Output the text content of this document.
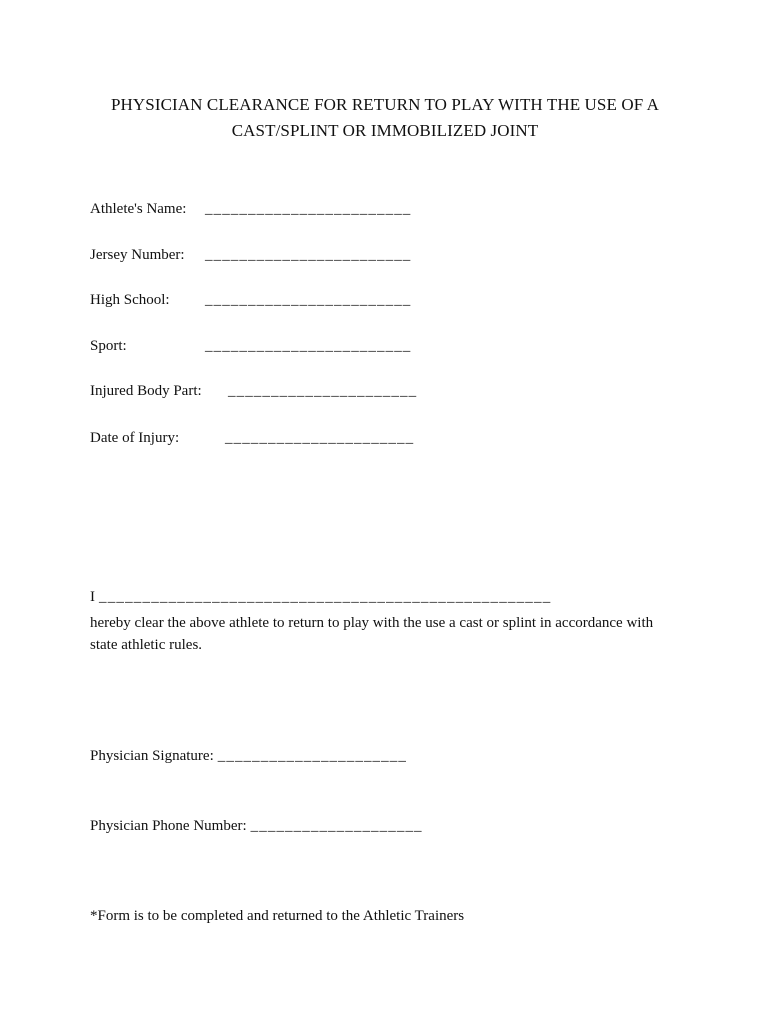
PHYSICIAN CLEARANCE FOR RETURN TO PLAY WITH THE USE OF A
CAST/SPLINT OR IMMOBILIZED JOINT
Athlete's Name: ________________________
Jersey Number: ________________________
High School: ________________________
Sport:	________________________
Injured Body Part: ______________________
Date of Injury:	______________________
I ____________________________________________________
hereby clear the above athlete to return to play with the use a cast or splint in accordance with state athletic rules.
Physician Signature: ______________________
Physician Phone Number: ____________________
*Form is to be completed and returned to the Athletic Trainers
